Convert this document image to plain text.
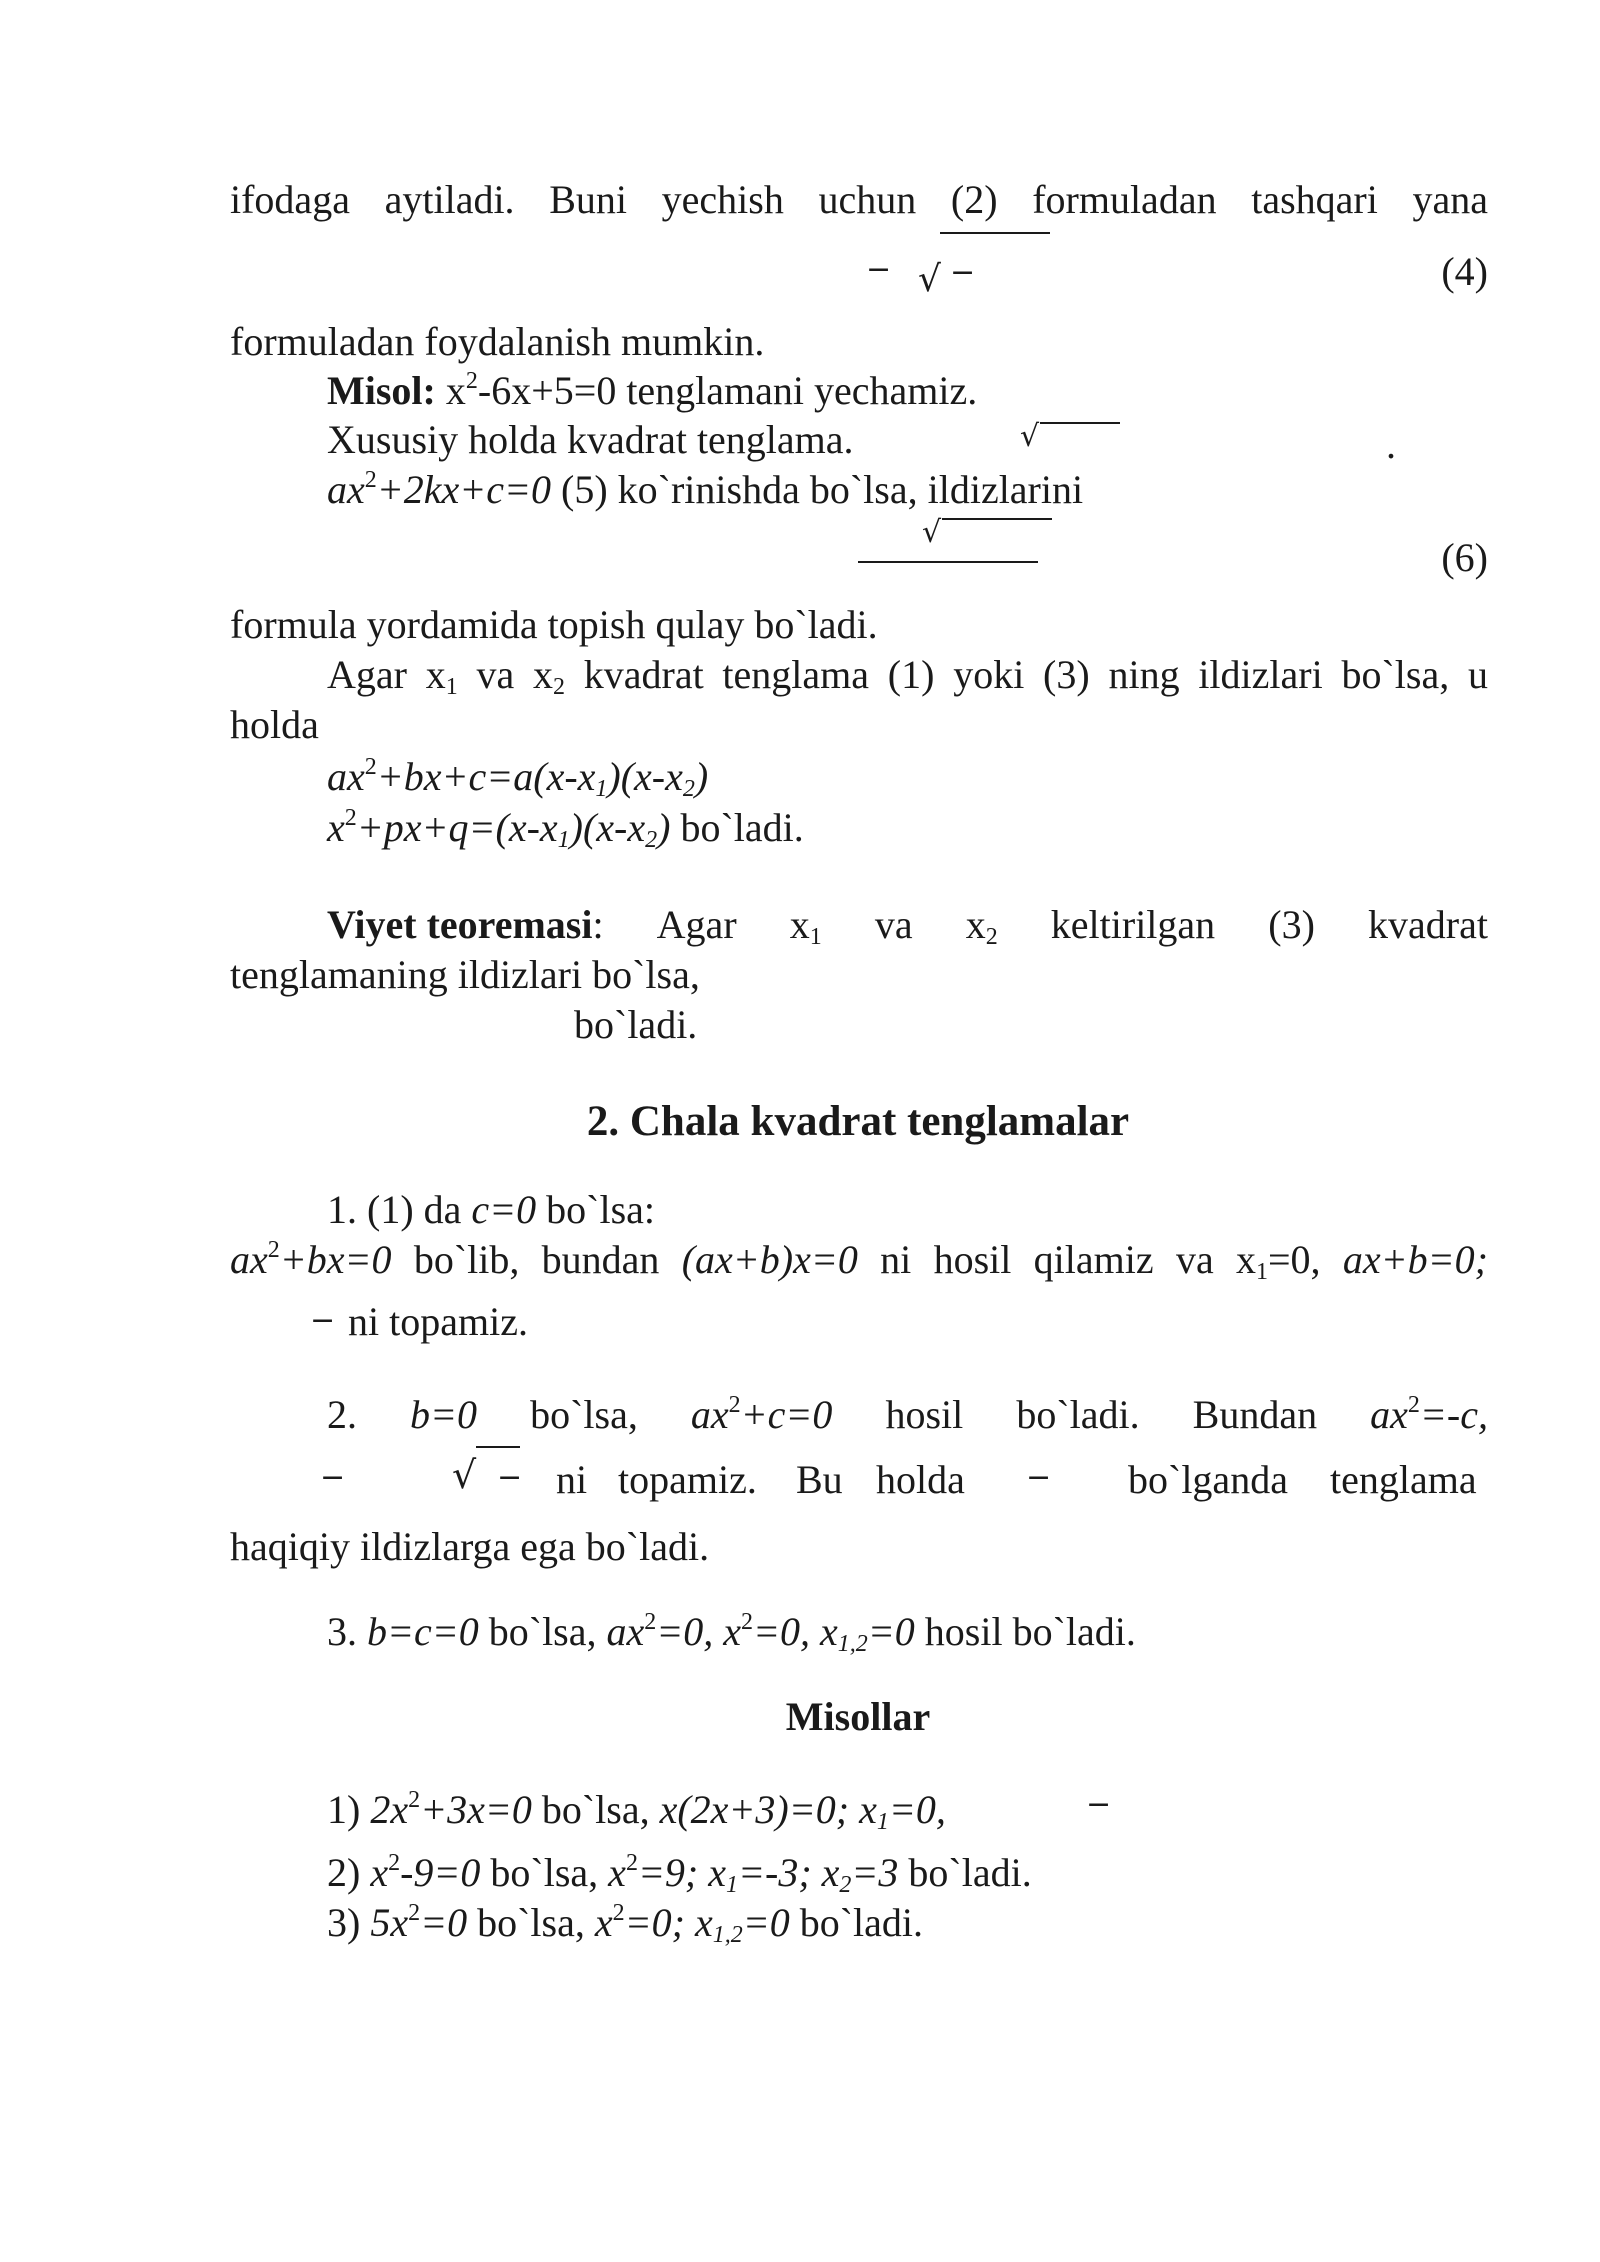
ifodaga aytiladi. Buni yechish uchun (2) formuladan tashqari yana
− √ −	(4)
formuladan foydalanish mumkin.
Misol: $x^2-6x+5=0$ tenglamani yechamiz.
Xususiy holda kvadrat tenglama.	√	.
$ax^2+2kx+c=0$ (5) ko`rinishda bo`lsa, ildizlarini
√
(6)
formula yordamida topish qulay bo`ladi.
Agar $x_1$ va $x_2$ kvadrat tenglama (1) yoki (3) ning ildizlari bo`lsa, u
holda
$ax^2+bx+c=a(x-x_1)(x-x_2)$
$x^2+px+q=(x-x_1)(x-x_2)$ bo`ladi.
Viyet teoremasi: Agar $x_1$ va $x_2$ keltirilgan (3) kvadrat
tenglamaning ildizlari bo`lsa,
bo`ladi.
2. Chala kvadrat tenglamalar
1. (1) da c=0 bo`lsa:
$ax^2+bx=0$ bo`lib, bundan (ax+b)x=0 ni hosil qilamiz va $x_1=0$, ax+b=0;
− ni topamiz.
2. b=0 bo`lsa, $ax^2+c=0$ hosil bo`ladi. Bundan $ax^2=-c$,
−	√ − ni topamiz. Bu holda − bo`lganda tenglama
haqiqiy ildizlarga ega bo`ladi.
3. b=c=0 bo`lsa, $ax^2=0$, $x^2=0$, $x_{1,2}=0$ hosil bo`ladi.
Misollar
1) $2x^2+3x=0$ bo`lsa, x(2x+3)=0; $x_1=0$,	−
2) $x^2-9=0$ bo`lsa, $x^2=9$; $x_1=-3$; $x_2=3$ bo`ladi.
3) $5x^2=0$ bo`lsa, $x^2=0$; $x_{1,2}=0$ bo`ladi.
